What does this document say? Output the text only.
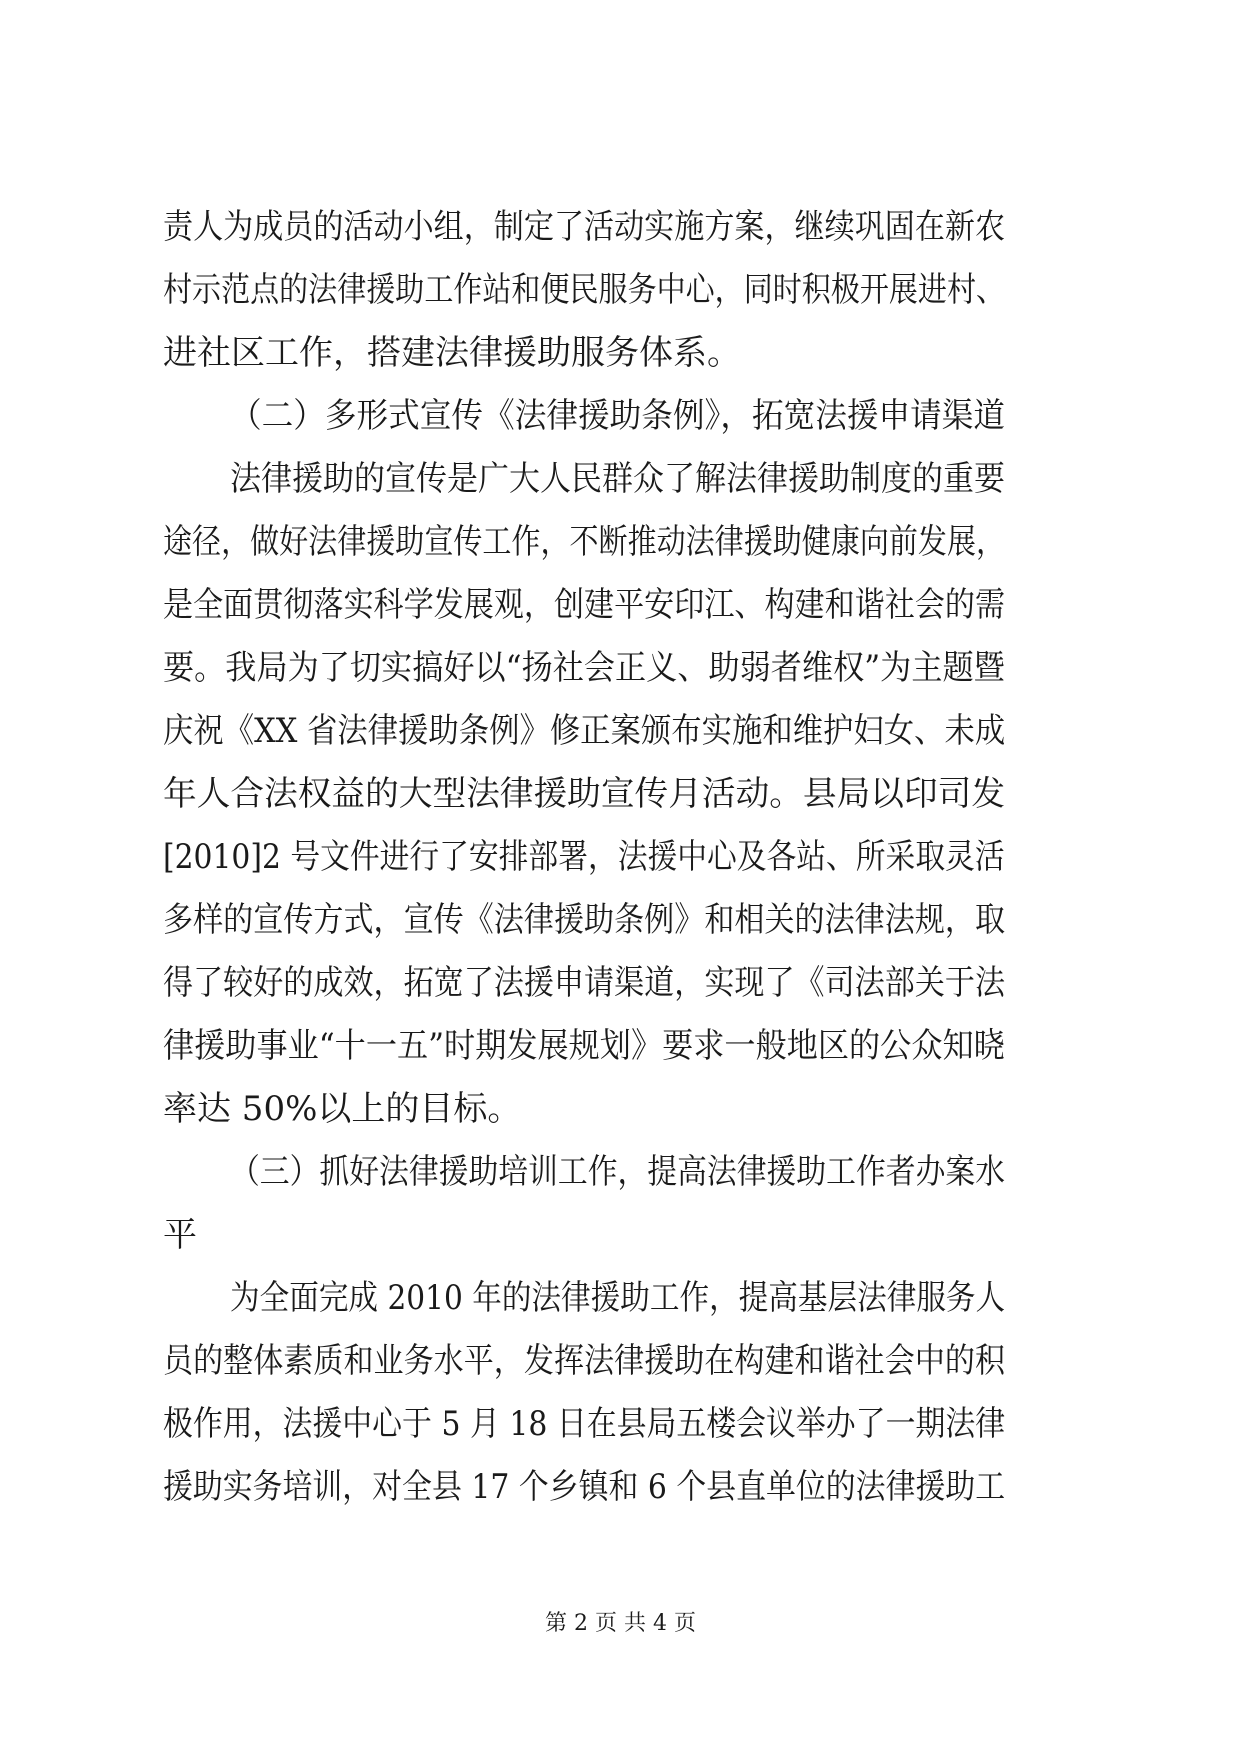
责人为成员的活动小组，制定了活动实施方案，继续巩固在新农
村示范点的法律援助工作站和便民服务中心，同时积极开展进村、
进社区工作，搭建法律援助服务体系。
（二）多形式宣传《法律援助条例》，拓宽法援申请渠道
法律援助的宣传是广大人民群众了解法律援助制度的重要
途径，做好法律援助宣传工作，不断推动法律援助健康向前发展，
是全面贯彻落实科学发展观，创建平安印江、构建和谐社会的需
要。我局为了切实搞好以“扬社会正义、助弱者维权”为主题暨
庆祝《XX 省法律援助条例》修正案颁布实施和维护妇女、未成
年人合法权益的大型法律援助宣传月活动。县局以印司发
[2010]2 号文件进行了安排部署，法援中心及各站、所采取灵活
多样的宣传方式，宣传《法律援助条例》和相关的法律法规，取
得了较好的成效，拓宽了法援申请渠道，实现了《司法部关于法
律援助事业“十一五”时期发展规划》要求一般地区的公众知晓
率达 50%以上的目标。
（三）抓好法律援助培训工作，提高法律援助工作者办案水
平
为全面完成 2010 年的法律援助工作，提高基层法律服务人
员的整体素质和业务水平，发挥法律援助在构建和谐社会中的积
极作用，法援中心于 5 月 18 日在县局五楼会议举办了一期法律
援助实务培训，对全县 17 个乡镇和 6 个县直单位的法律援助工
第 2 页 共 4 页
